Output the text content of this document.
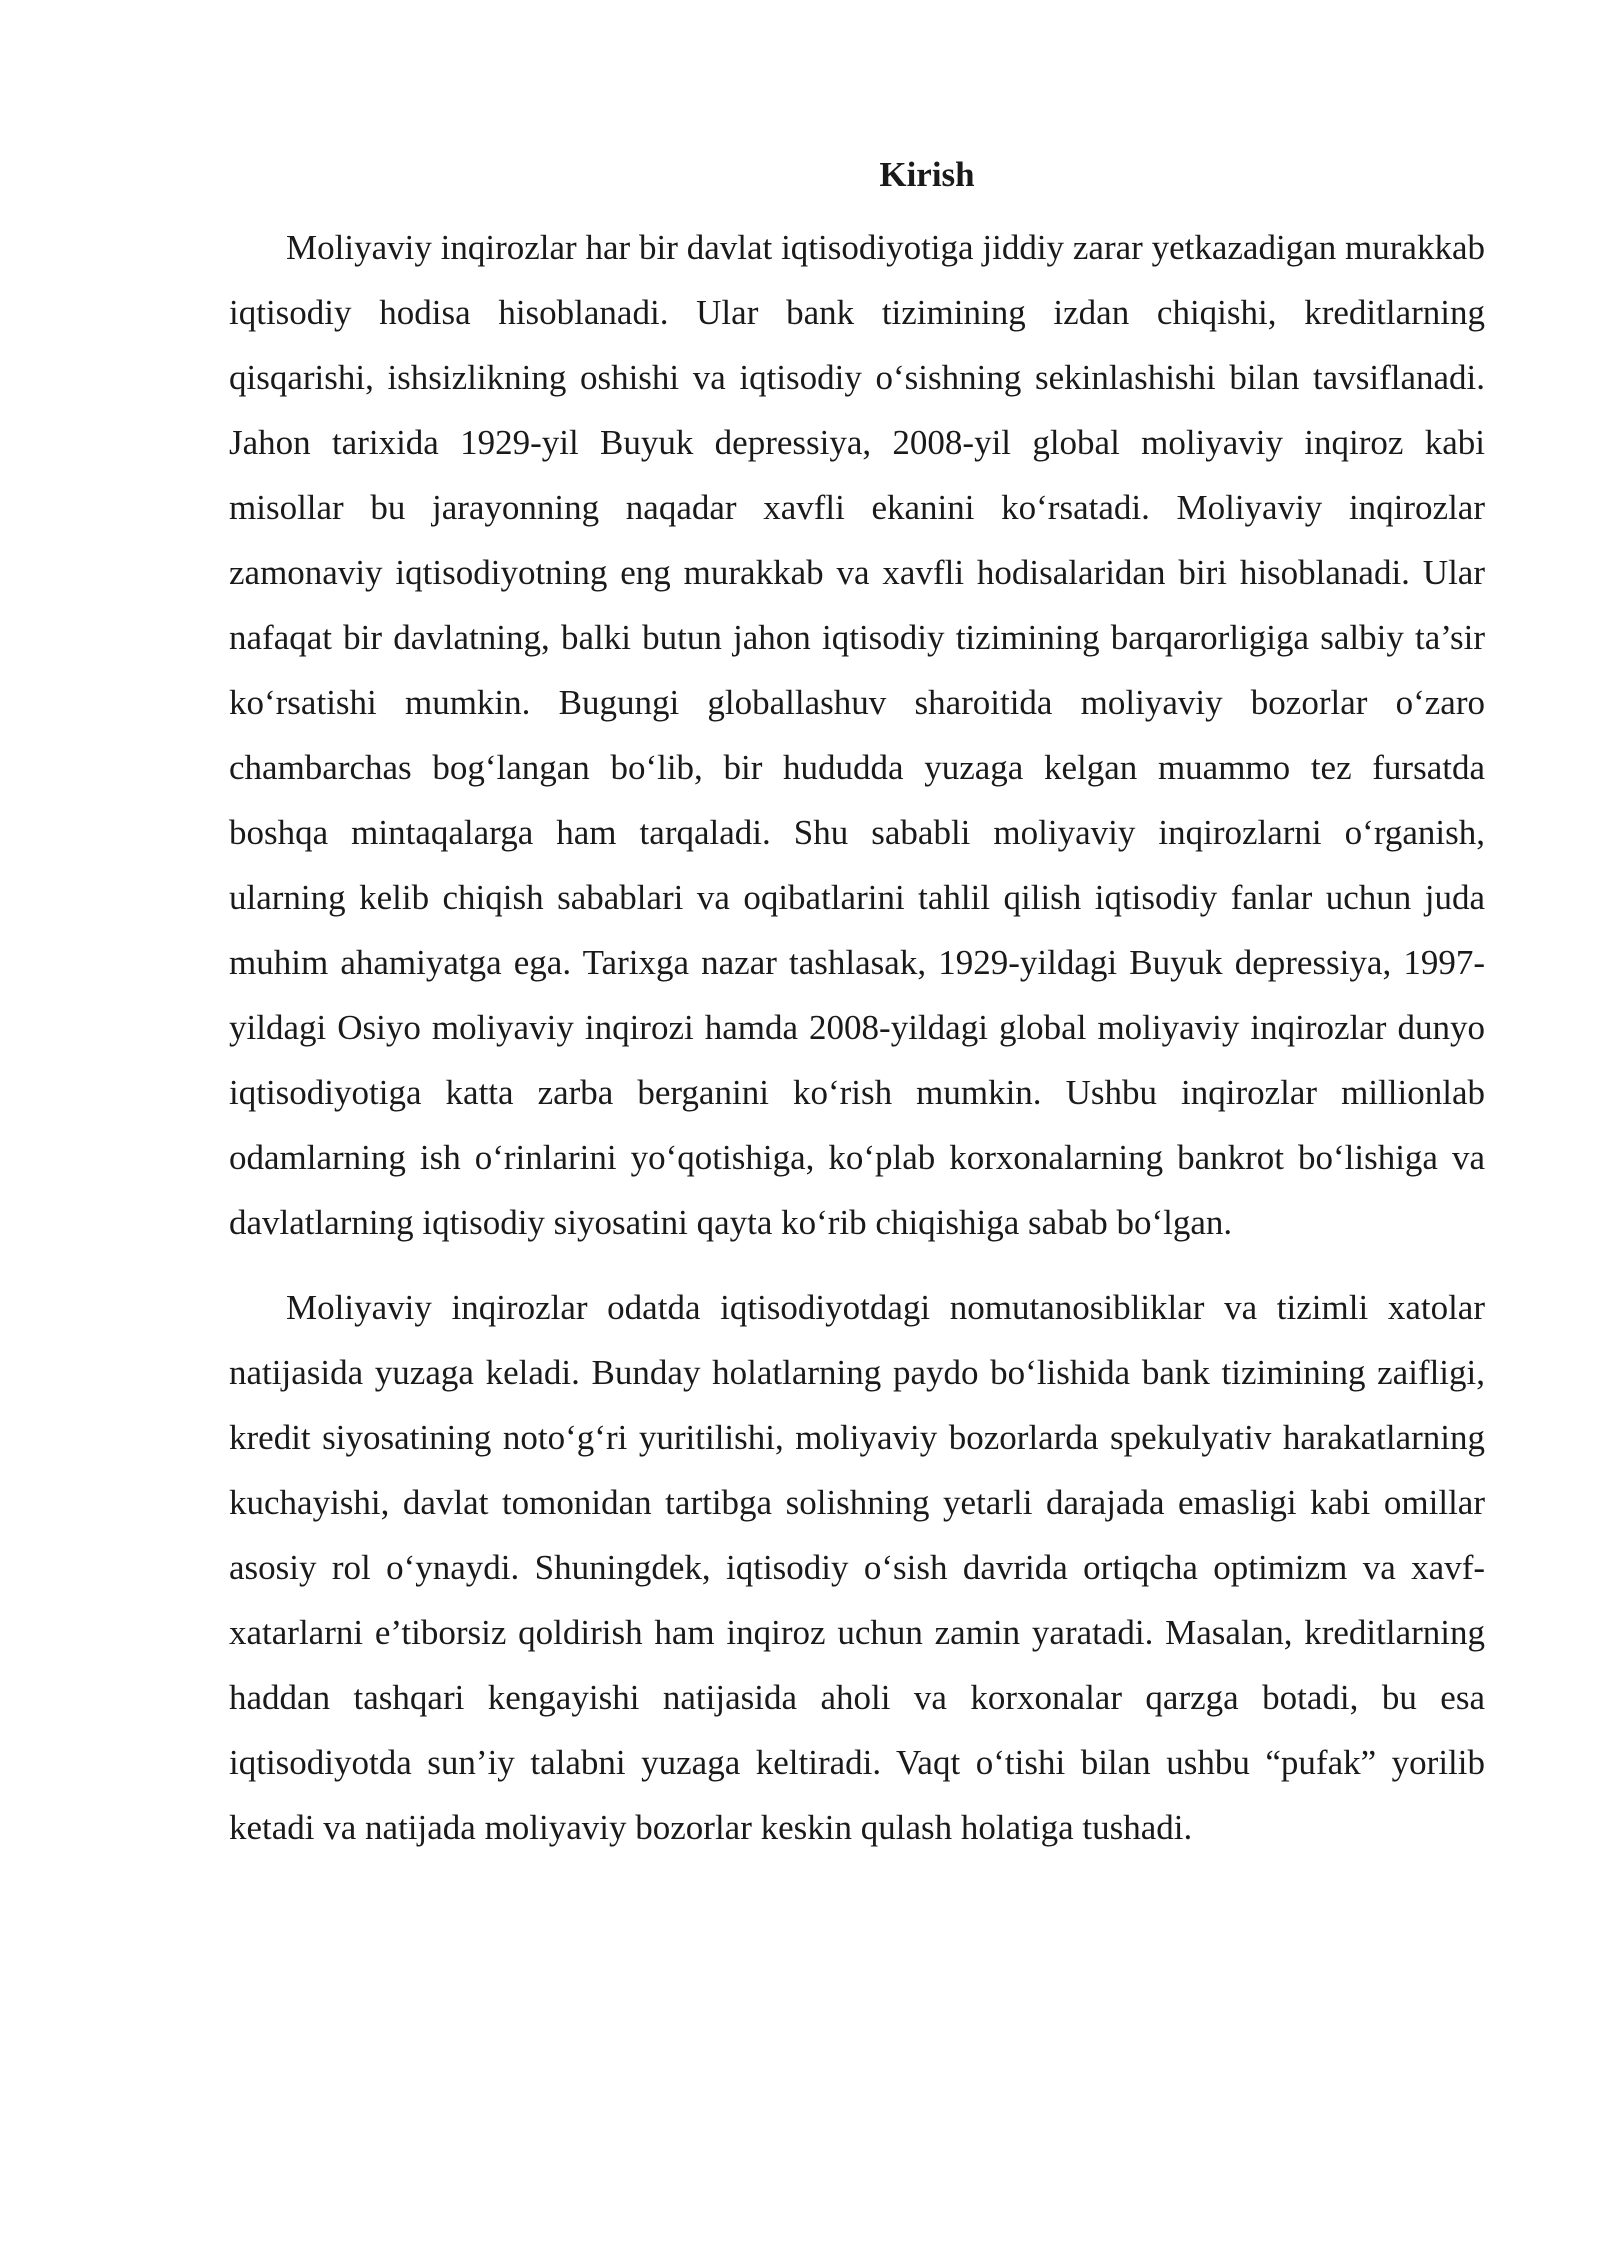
Kirish

Moliyaviy inqirozlar har bir davlat iqtisodiyotiga jiddiy zarar yetkazadigan murakkab iqtisodiy hodisa hisoblanadi. Ular bank tizimining izdan chiqishi, kreditlarning qisqarishi, ishsizlikning oshishi va iqtisodiy o‘sishning sekinlashishi bilan tavsiflanadi. Jahon tarixida 1929-yil Buyuk depressiya, 2008-yil global moliyaviy inqiroz kabi misollar bu jarayonning naqadar xavfli ekanini ko‘rsatadi. Moliyaviy inqirozlar zamonaviy iqtisodiyotning eng murakkab va xavfli hodisalaridan biri hisoblanadi. Ular nafaqat bir davlatning, balki butun jahon iqtisodiy tizimining barqarorligiga salbiy ta’sir ko‘rsatishi mumkin. Bugungi globallashuv sharoitida moliyaviy bozorlar o‘zaro chambarchas bog‘langan bo‘lib, bir hududda yuzaga kelgan muammo tez fursatda boshqa mintaqalarga ham tarqaladi. Shu sababli moliyaviy inqirozlarni o‘rganish, ularning kelib chiqish sabablari va oqibatlarini tahlil qilish iqtisodiy fanlar uchun juda muhim ahamiyatga ega. Tarixga nazar tashlasak, 1929-yildagi Buyuk depressiya, 1997-yildagi Osiyo moliyaviy inqirozi hamda 2008-yildagi global moliyaviy inqirozlar dunyo iqtisodiyotiga katta zarba berganini ko‘rish mumkin. Ushbu inqirozlar millionlab odamlarning ish o‘rinlarini yo‘qotishiga, ko‘plab korxonalarning bankrot bo‘lishiga va davlatlarning iqtisodiy siyosatini qayta ko‘rib chiqishiga sabab bo‘lgan.

Moliyaviy inqirozlar odatda iqtisodiyotdagi nomutanosibliklar va tizimli xatolar natijasida yuzaga keladi. Bunday holatlarning paydo bo‘lishida bank tizimining zaifligi, kredit siyosatining noto‘g‘ri yuritilishi, moliyaviy bozorlarda spekulyativ harakatlarning kuchayishi, davlat tomonidan tartibga solishning yetarli darajada emasligi kabi omillar asosiy rol o‘ynaydi. Shuningdek, iqtisodiy o‘sish davrida ortiqcha optimizm va xavf-xatarlarni e’tiborsiz qoldirish ham inqiroz uchun zamin yaratadi. Masalan, kreditlarning haddan tashqari kengayishi natijasida aholi va korxonalar qarzga botadi, bu esa iqtisodiyotda sun’iy talabni yuzaga keltiradi. Vaqt o‘tishi bilan ushbu “pufak” yorilib ketadi va natijada moliyaviy bozorlar keskin qulash holatiga tushadi.
